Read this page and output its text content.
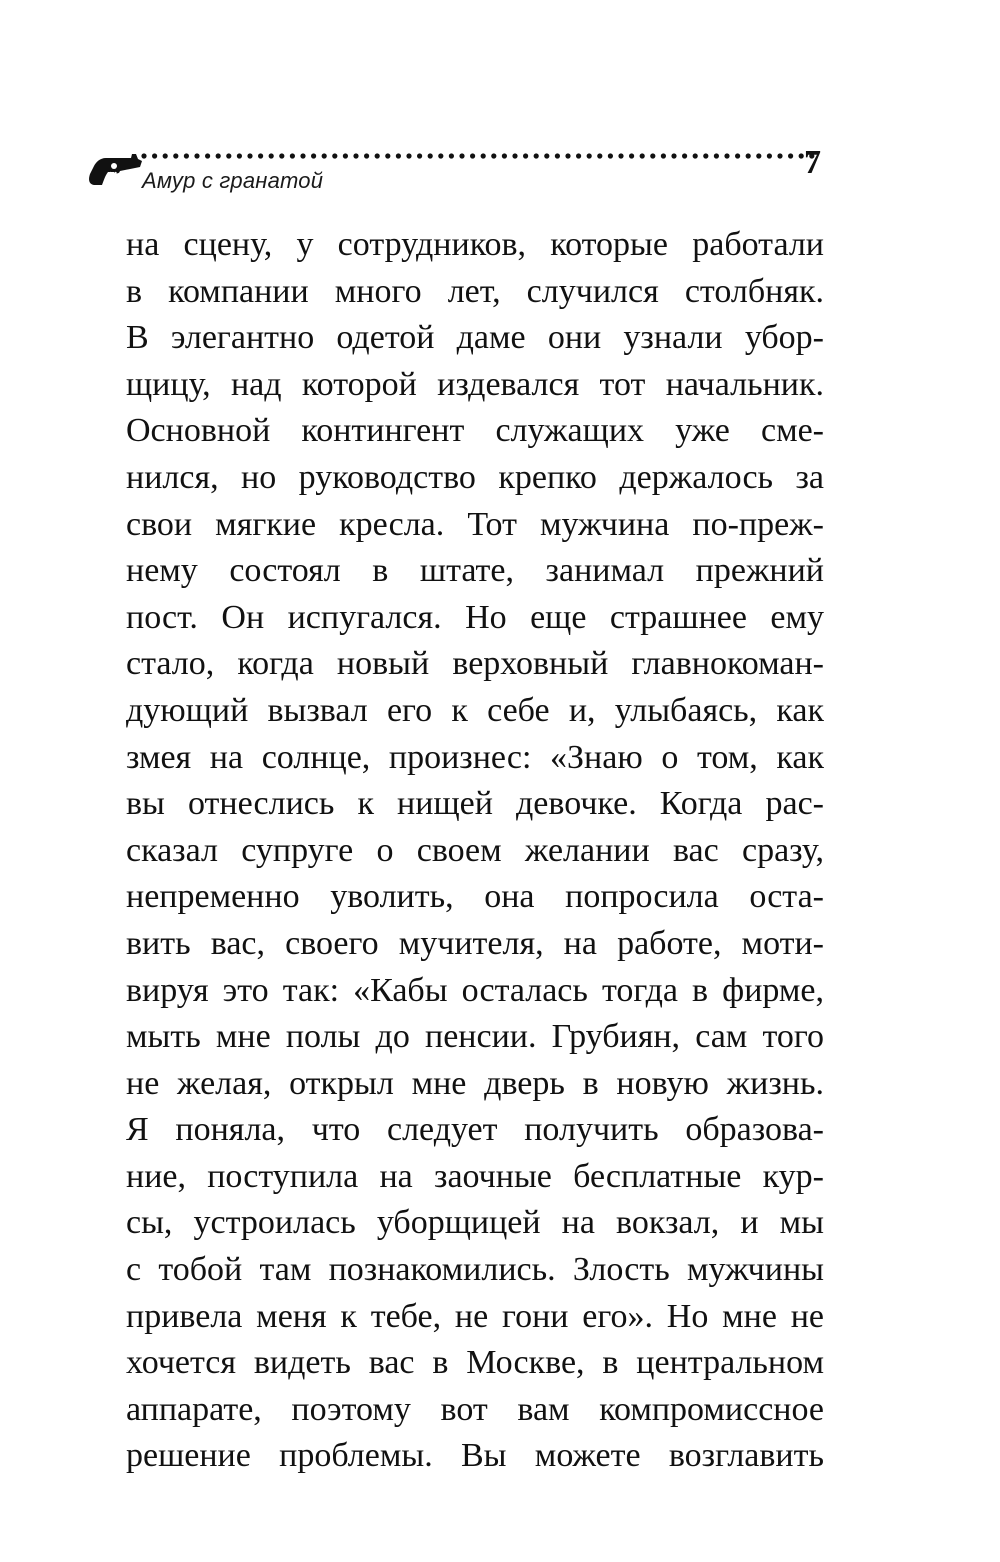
Амур с гранатой	7
на сцену, у сотрудников, которые работали
в компании много лет, случился столбняк.
В элегантно одетой даме они узнали убор-
щицу, над которой издевался тот начальник.
Основной контингент служащих уже сме-
нился, но руководство крепко держалось за
свои мягкие кресла. Тот мужчина по-преж-
нему состоял в штате, занимал прежний
пост. Он испугался. Но еще страшнее ему
стало, когда новый верховный главнокоман-
дующий вызвал его к себе и, улыбаясь, как
змея на солнце, произнес: «Знаю о том, как
вы отнеслись к нищей девочке. Когда рас-
сказал супруге о своем желании вас сразу,
непременно уволить, она попросила оста-
вить вас, своего мучителя, на работе, моти-
вируя это так: «Кабы осталась тогда в фирме,
мыть мне полы до пенсии. Грубиян, сам того
не желая, открыл мне дверь в новую жизнь.
Я поняла, что следует получить образова-
ние, поступила на заочные бесплатные кур-
сы, устроилась уборщицей на вокзал, и мы
с тобой там познакомились. Злость мужчины
привела меня к тебе, не гони его». Но мне не
хочется видеть вас в Москве, в центральном
аппарате, поэтому вот вам компромиссное
решение проблемы. Вы можете возглавить
